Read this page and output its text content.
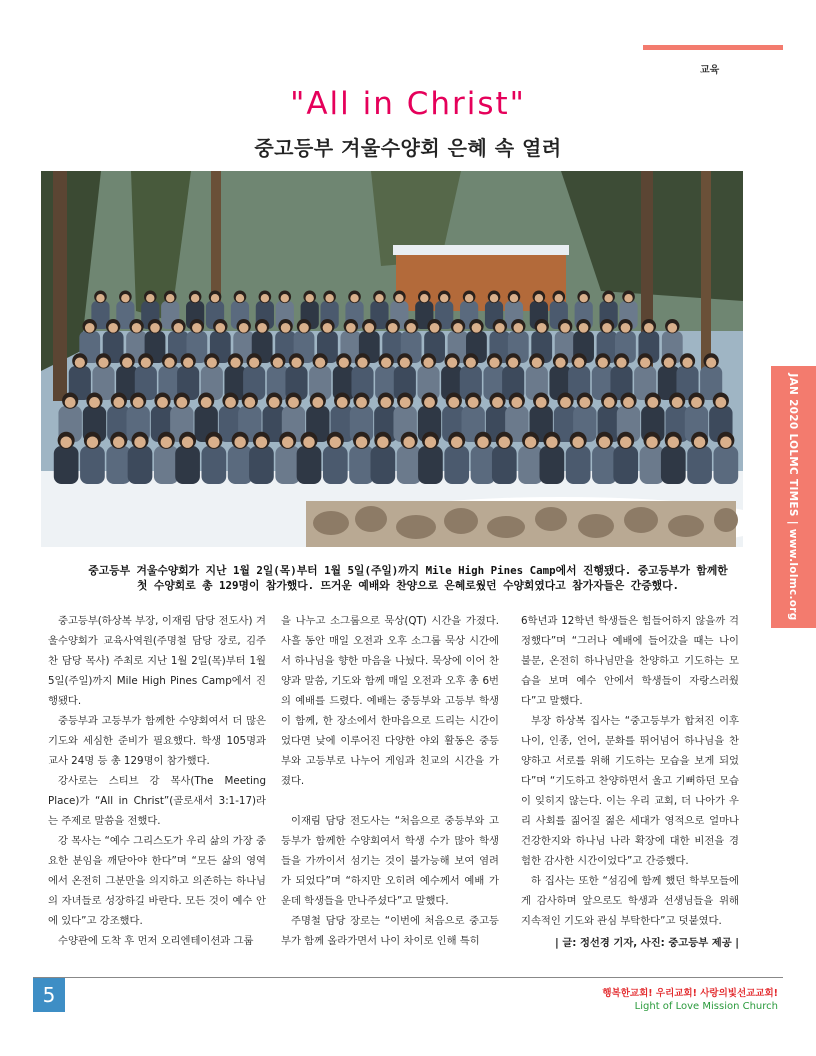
교육
"All in Christ"
중고등부 겨울수양회 은혜 속 열려
중고등부 겨울수양회가 지난 1월 2일(목)부터 1월 5일(주일)까지 Mile High Pines Camp에서 진행됐다. 중고등부가 함께한
첫 수양회로 총 129명이 참가했다. 뜨거운 예배와 찬양으로 은혜로웠던 수양회였다고 참가자들은 간증했다.

중고등부(하상복 부장, 이재림 담당 전도사) 겨울수양회가 교육사역원(주명철 담당 장로, 김주찬 담당 목사) 주최로 지난 1월 2일(목)부터 1월 5일(주일)까지 Mile High Pines Camp에서 진행됐다.

중등부과 고등부가 함께한 수양회여서 더 많은 기도와 세심한 준비가 필요했다. 학생 105명과 교사 24명 등 총 129명이 참가했다.

강사로는 스티브 강 목사(The Meeting Place)가 “All in Christ”(골로새서 3:1-17)라는 주제로 말씀을 전했다.

강 목사는 “예수 그리스도가 우리 삶의 가장 중요한 분임을 깨닫아야 한다”며 “모든 삶의 영역에서 온전히 그분만을 의지하고 의존하는 하나님의 자녀들로 성장하길 바란다. 모든 것이 예수 안에 있다”고 강조했다.

수양관에 도착 후 먼저 오리엔테이션과 그룹

을 나누고 소그룹으로 묵상(QT) 시간을 가졌다. 사흘 동안 매일 오전과 오후 소그룹 묵상 시간에서 하나님을 향한 마음을 나눴다. 묵상에 이어 찬양과 말씀, 기도와 함께 매일 오전과 오후 총 6번의 예배를 드렸다. 예배는 중등부와 고등부 학생이 함께, 한 장소에서 한마음으로 드리는 시간이었다면 낮에 이루어진 다양한 야외 활동은 중등부와 고등부로 나누어 게임과 친교의 시간을 가졌다.

이재림 담당 전도사는 “처음으로 중등부와 고등부가 함께한 수양회여서 학생 수가 많아 학생들을 가까이서 섬기는 것이 불가능해 보여 염려가 되었다”며 “하지만 오히려 예수께서 예배 가운데 학생들을 만나주셨다”고 말했다.

주명철 담당 장로는 “이번에 처음으로 중고등부가 함께 올라가면서 나이 차이로 인해 특히

6학년과 12학년 학생들은 힘들어하지 않을까 걱정했다”며 “그러나 예배에 들어갔을 때는 나이 불문, 온전히 하나님만을 찬양하고 기도하는 모습을 보며 예수 안에서 학생들이 자랑스러웠다”고 말했다.

부장 하상복 집사는 “중고등부가 합쳐진 이후 나이, 인종, 언어, 문화를 뛰어넘어 하나님을 찬양하고 서로를 위해 기도하는 모습을 보게 되었다”며 “기도하고 찬양하면서 울고 기뻐하던 모습이 잊히지 않는다. 이는 우리 교회, 더 나아가 우리 사회를 짊어질 젊은 세대가 영적으로 얼마나 건강한지와 하나님 나라 확장에 대한 비전을 경험한 감사한 시간이었다”고 간증했다.

하 집사는 또한 “섬김에 함께 했던 학부모들에게 감사하며 앞으로도 학생과 선생님들을 위해 지속적인 기도와 관심 부탁한다”고 덧붙였다.

| 글: 정선경 기자, 사진: 중고등부 제공 |

JAN 2020 LOLMC TIMES | www.lolmc.org
5	행복한교회! 우리교회! 사랑의빛선교교회!
Light of Love Mission Church
